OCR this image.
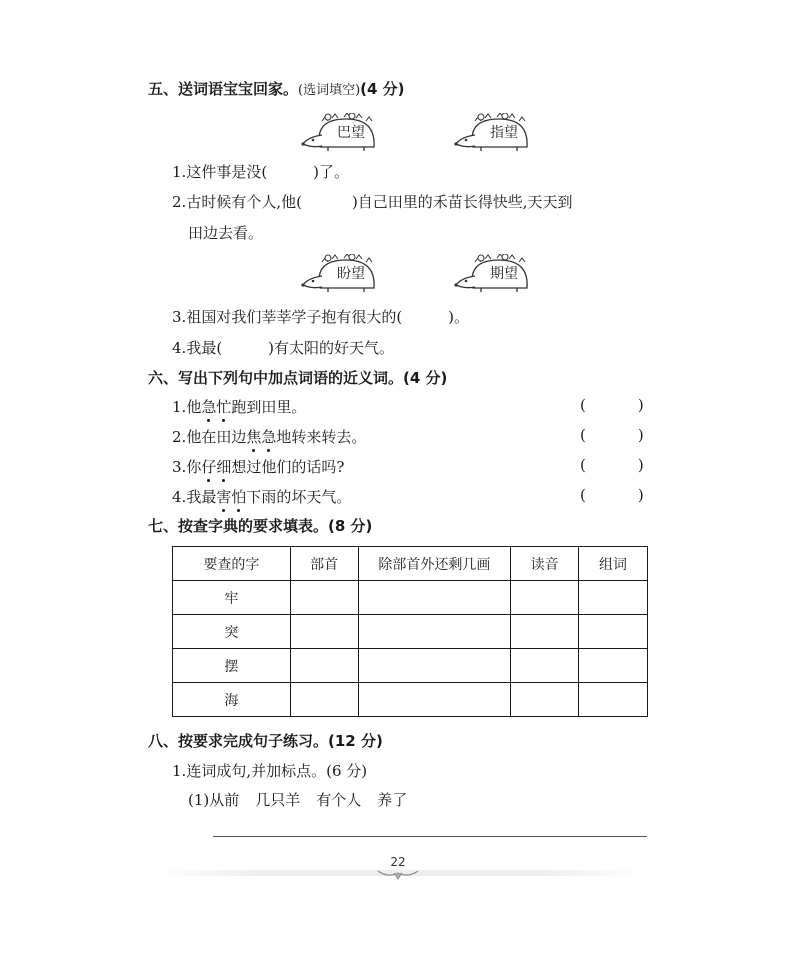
五、送词语宝宝回家。(选词填空)(4 分)
巴望	指望
1.这件事是没(	)了。
2.古时候有个人,他(	)自己田里的禾苗长得快些,天天到
田边去看。
盼望	期望
3.祖国对我们莘莘学子抱有很大的(	)。
4.我最(	)有太阳的好天气。
六、写出下列句中加点词语的近义词。(4 分)
1.他急忙跑到田里。	(	)
2.他在田边焦急地转来转去。	(	)
3.你仔细想过他们的话吗?	(	)
4.我最害怕下雨的坏天气。	(	)
七、按查字典的要求填表。(8 分)
要查的字	部首	除部首外还剩几画	读音	组词
牢				
突				
摆				
海				
八、按要求完成句子练习。(12 分)
1.连词成句,并加标点。(6 分)
(1)从前 几只羊 有个人 养了
22
